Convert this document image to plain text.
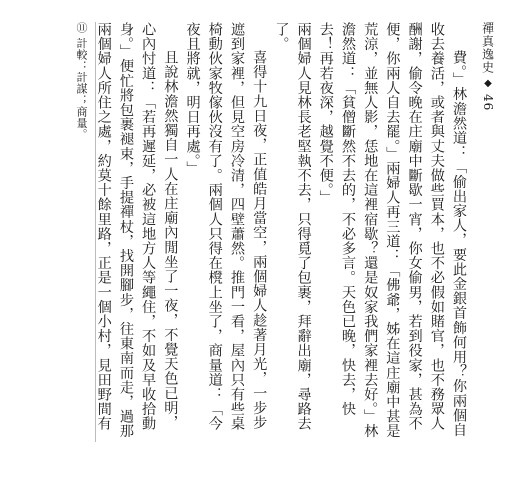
禪真逸史
◆
46

費。」林澹然道：「偷出家人，要此金銀首飾何用？你兩個自收去養活，或者與丈夫做些買本，也不必假如賭官，也不務眾人酬謝，偷令晚在庄廟中斷歇一宵，你女偷男，若到役家，甚為不便，你兩人自去罷。」兩婦人再三道：「佛爺，姊在這庄廟中甚是荒涼，並無人影，恁地在這裡宿歇？還是奴家我們家裡去好。」林澹然道：「貧僧斷然不去的，不必多言。天色已晚，快去，快去！再若夜深，越覺不便。」

兩個婦人見林長老堅執不去，只得覓了包裹，拜辭出廟，尋路去了。

喜得十九日夜，正值皓月當空，兩個婦人趁著月光，一步步遮到家裡，但見空房冷清，四壁蕭然。推門一看，屋內只有些桌椅動伙家牧傢伙沒有了。兩個人只得在櫈上坐了，商量道：「今夜且將就，明日再處。」

且說林澹然獨自一人在庄廟內閒坐了一夜，不覺天色已明，心內忖道：「若再遲延，必被這地方人等繩住，不如及早收拾動身。」便忙將包裹褪束，手提禪杖，找開腳步，往東南而走，過那兩個婦人所住之處，約莫十餘里路，正是一個小村，見田野間有

⑪ 計較：計謀；商量。
